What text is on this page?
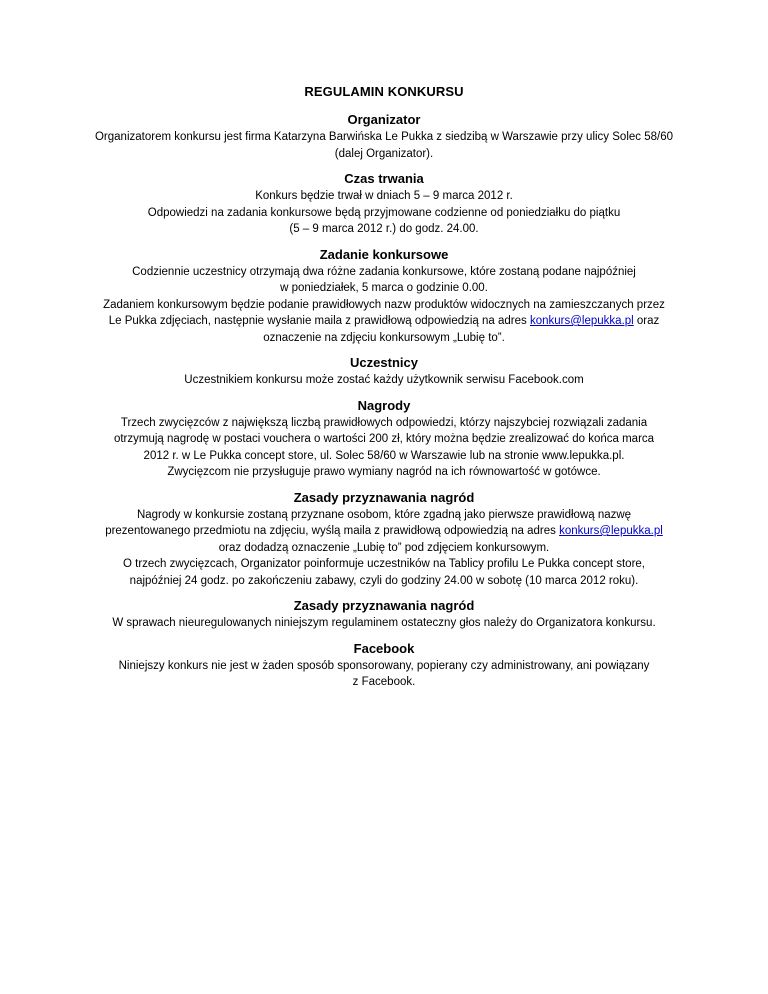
REGULAMIN KONKURSU
Organizator

Organizatorem konkursu jest firma Katarzyna Barwińska Le Pukka z siedzibą w Warszawie przy ulicy Solec 58/60
(dalej Organizator).

Czas trwania

Konkurs będzie trwał w dniach 5 – 9 marca 2012 r.
Odpowiedzi na zadania konkursowe będą przyjmowane codzienne od poniedziałku do piątku
(5 – 9 marca 2012 r.) do godz. 24.00.

Zadanie konkursowe

Codziennie uczestnicy otrzymają dwa różne zadania konkursowe, które zostaną podane najpóźniej
w poniedziałek, 5 marca o godzinie 0.00.
Zadaniem konkursowym będzie podanie prawidłowych nazw produktów widocznych na zamieszczanych przez
Le Pukka zdjęciach, następnie wysłanie maila z prawidłową odpowiedzią na adres konkurs@lepukka.pl oraz
oznaczenie na zdjęciu konkursowym „Lubię to”.

Uczestnicy

Uczestnikiem konkursu może zostać każdy użytkownik serwisu Facebook.com

Nagrody

Trzech zwycięzców z największą liczbą prawidłowych odpowiedzi, którzy najszybciej rozwiązali zadania
otrzymują nagrodę w postaci vouchera o wartości 200 zł, który można będzie zrealizować do końca marca
2012 r. w Le Pukka concept store, ul. Solec 58/60 w Warszawie lub na stronie www.lepukka.pl.
Zwycięzcom nie przysługuje prawo wymiany nagród na ich równowartość w gotówce.

Zasady przyznawania nagród

Nagrody w konkursie zostaną przyznane osobom, które zgadną jako pierwsze prawidłową nazwę
prezentowanego przedmiotu na zdjęciu, wyślą maila z prawidłową odpowiedzią na adres konkurs@lepukka.pl
oraz dodadzą oznaczenie „Lubię to” pod zdjęciem konkursowym.
O trzech zwycięzcach, Organizator poinformuje uczestników na Tablicy profilu Le Pukka concept store,
najpóźniej 24 godz. po zakończeniu zabawy, czyli do godziny 24.00 w sobotę (10 marca 2012 roku).

Zasady przyznawania nagród

W sprawach nieuregulowanych niniejszym regulaminem ostateczny głos należy do Organizatora konkursu.

Facebook

Niniejszy konkurs nie jest w żaden sposób sponsorowany, popierany czy administrowany, ani powiązany
z Facebook.
